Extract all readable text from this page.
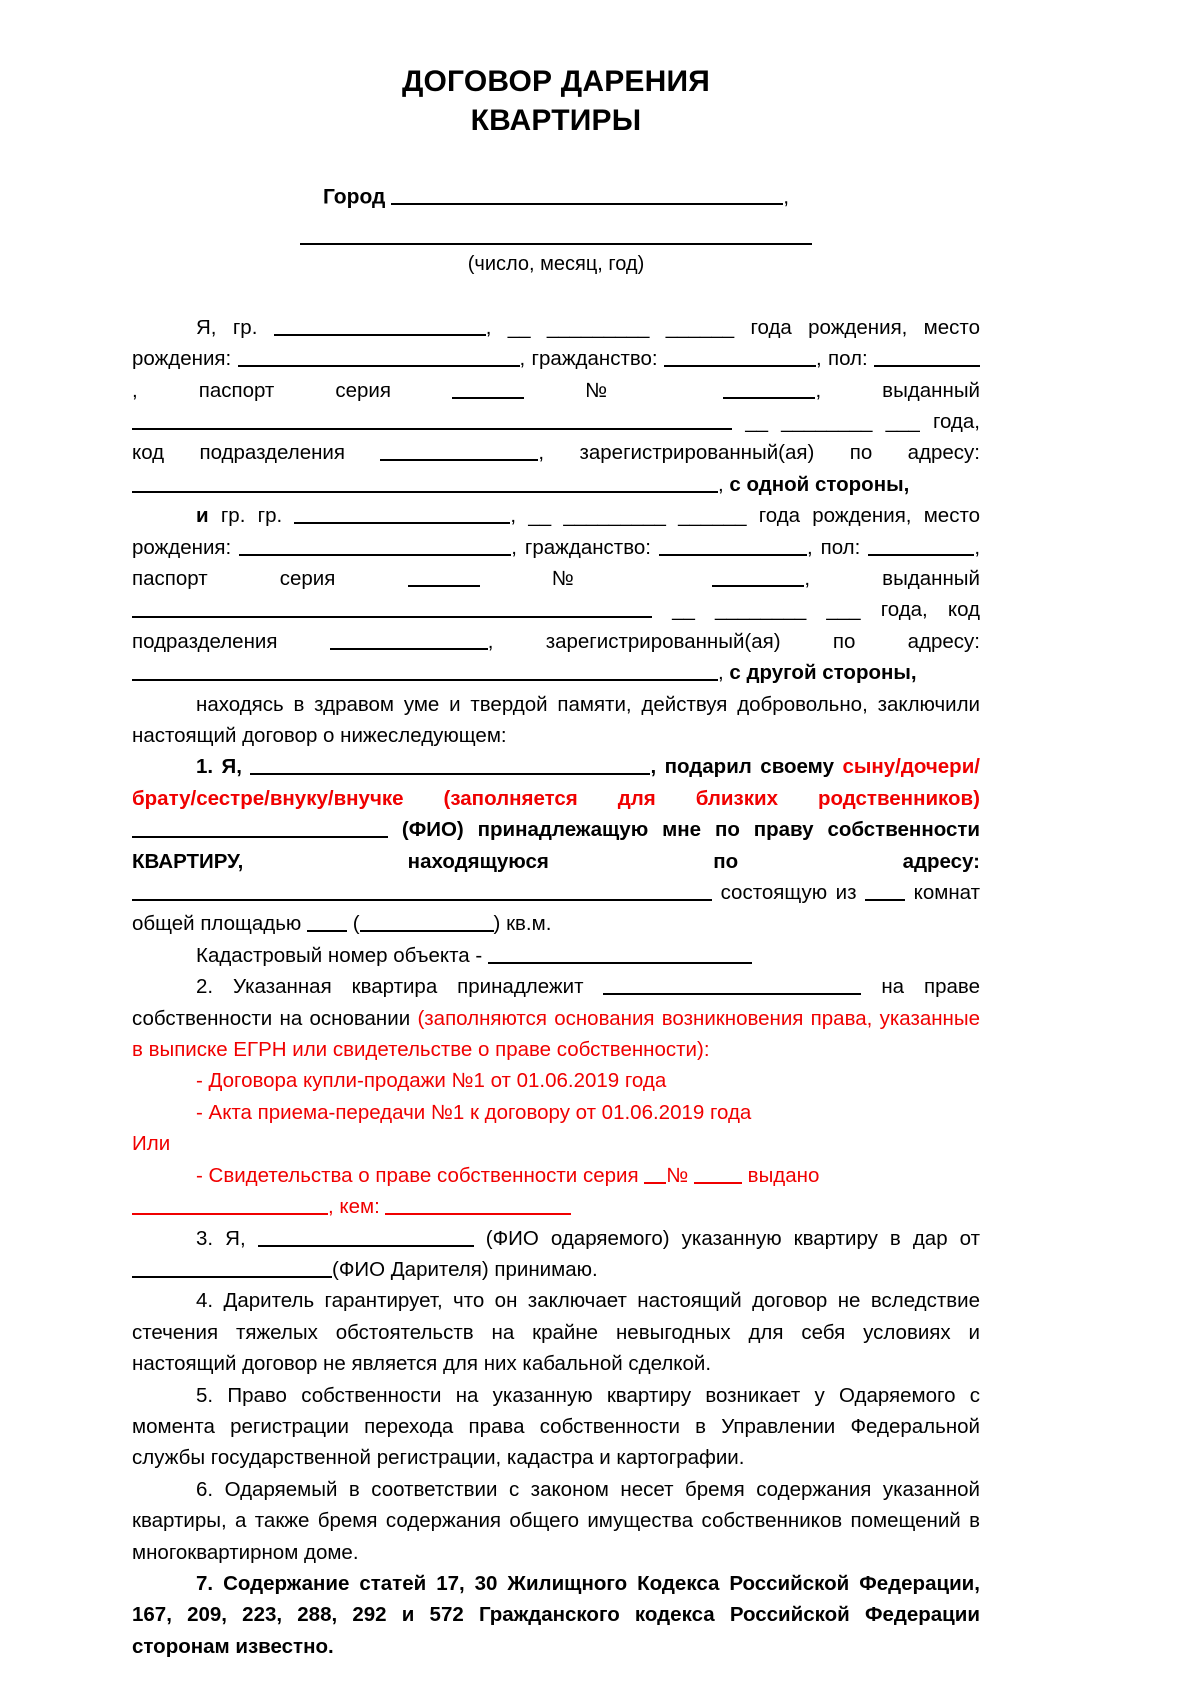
ДОГОВОР ДАРЕНИЯ
КВАРТИРЫ
Город	,
(число, месяц, год)

Я, гр.	, __ _________ ______ года рождения, место рождения:	, гражданство:	, пол: , паспорт серия	№	, выданный  __ ________ ___ года, код подразделения	, зарегистрированный(ая) по адресу: , с одной стороны,

и гр. гр.	, __ _________ ______ года рождения, место рождения:	, гражданство:	, пол:	, паспорт серия	№	, выданный  __ ________ ___ года, код подразделения	, зарегистрированный(ая) по адресу: , с другой стороны,

находясь в здравом уме и твердой памяти, действуя добровольно, заключили настоящий договор о нижеследующем:

1. Я,	, подарил своему сыну/дочери/брату/сестре/внуку/внучке (заполняется для близких родственников)  (ФИО) принадлежащую мне по праву собственности КВАРТИРУ, находящуюся по адресу:  состоящую из	комнат общей площадью	(	) кв.м.

Кадастровый номер объекта -

2. Указанная квартира принадлежит	на праве собственности на основании (заполняются основания возникновения права, указанные в выписке ЕГРН или свидетельстве о праве собственности):

- Договора купли-продажи №1 от 01.06.2019 года

- Акта приема-передачи №1 к договору от 01.06.2019 года

Или

- Свидетельства о праве собственности серия №	выдано

, кем:

3. Я,	(ФИО одаряемого) указанную квартиру в дар от (ФИО Дарителя) принимаю.

4. Даритель гарантирует, что он заключает настоящий договор не вследствие стечения тяжелых обстоятельств на крайне невыгодных для себя условиях и настоящий договор не является для них кабальной сделкой.

5. Право собственности на указанную квартиру возникает у Одаряемого с момента регистрации перехода права собственности в Управлении Федеральной службы государственной регистрации, кадастра и картографии.

6. Одаряемый в соответствии с законом несет бремя содержания указанной квартиры, а также бремя содержания общего имущества собственников помещений в многоквартирном доме.

7. Содержание статей 17, 30 Жилищного Кодекса Российской Федерации, 167, 209, 223, 288, 292 и 572 Гражданского кодекса Российской Федерации сторонам известно.
